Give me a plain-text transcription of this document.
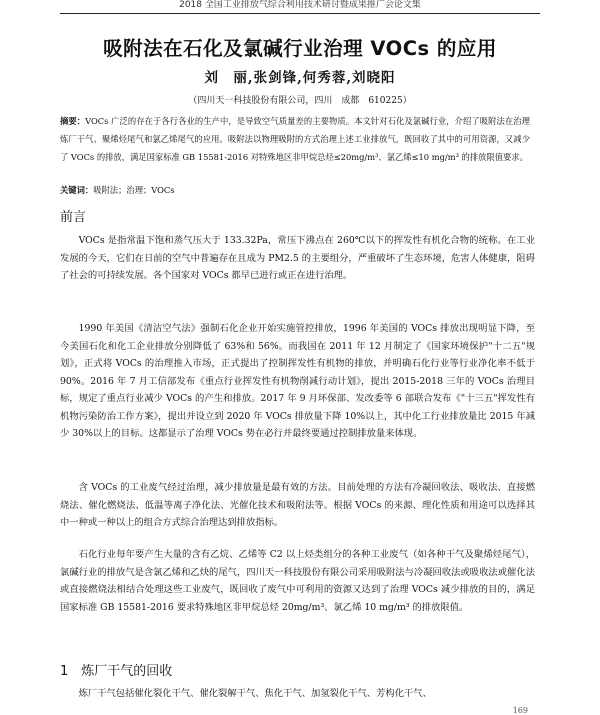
2018 全国工业排放气综合利用技术研讨暨成果推广会论文集
吸附法在石化及氯碱行业治理 VOCs 的应用
刘　丽,张剑锋,何秀蓉,刘晓阳
（四川天一科技股份有限公司，四川　成都　610225）
摘要：VOCs 广泛的存在于各行各业的生产中，是导致空气质量差的主要物质。本文针对石化及氯碱行业，介绍了吸附法在治理炼厂干气、聚烯烃尾气和氯乙烯尾气的应用。吸附法以物理吸附的方式治理上述工业排放气，既回收了其中的可用资源，又减少了 VOCs 的排放，满足国家标准 GB 15581-2016 对特殊地区非甲烷总烃≤20mg/m³、氯乙烯≤10 mg/m³ 的排放限值要求。
关键词：吸附法；治理；VOCs
前言
VOCs 是指常温下饱和蒸气压大于 133.32Pa，常压下沸点在 260℃以下的挥发性有机化合物的统称。在工业发展的今天，它们在日前的空气中普遍存在且成为 PM2.5 的主要组分，严重破坏了生态环境，危害人体健康，阻碍了社会的可持续发展。各个国家对 VOCs 都早已进行或正在进行治理。
1990 年美国《清洁空气法》强制石化企业开始实施管控排放，1996 年美国的 VOCs 排放出现明显下降，至今美国石化和化工企业排放分别降低了 63%和 56%。而我国在 2011 年 12 月制定了《国家环境保护"十二五"规划》，正式将 VOCs 的治理推入市场，正式提出了控制挥发性有机物的排放，并明确石化行业等行业净化率不低于 90%。2016 年 7 月工信部发布《重点行业挥发性有机物削减行动计划》，提出 2015-2018 三年的 VOCs 治理目标，规定了重点行业减少 VOCs 的产生和排放。2017 年 9 月环保部、发改委等 6 部联合发布《"十三五"挥发性有机物污染防治工作方案》，提出并设立到 2020 年 VOCs 排放量下降 10%以上，其中化工行业排放量比 2015 年减少 30%以上的目标。这都显示了治理 VOCs 势在必行并最终要通过控制排放量来体现。
含 VOCs 的工业废气经过治理，减少排放量是最有效的方法。目前处理的方法有冷凝回收法、吸收法、直接燃烧法、催化燃烧法、低温等离子净化法、光催化技术和吸附法等。根据 VOCs 的来源、理化性质和用途可以选择其中一种或一种以上的组合方式综合治理达到排放指标。
石化行业每年要产生大量的含有乙烷、乙烯等 C2 以上烃类组分的各种工业废气（如各种干气及聚烯烃尾气），氯碱行业的排放气是含氯乙烯和乙炔的尾气，四川天一科技股份有限公司采用吸附法与冷凝回收法或吸收法或催化法或直接燃烧法相结合处理这些工业废气，既回收了废气中可利用的资源又达到了治理 VOCs 减少排放的目的，满足国家标准 GB 15581-2016 要求特殊地区非甲烷总烃 20mg/m³、氯乙烯 10 mg/m³ 的排放限值。
1　炼厂干气的回收
炼厂干气包括催化裂化干气、催化裂解干气、焦化干气、加氢裂化干气、芳构化干气、
169
